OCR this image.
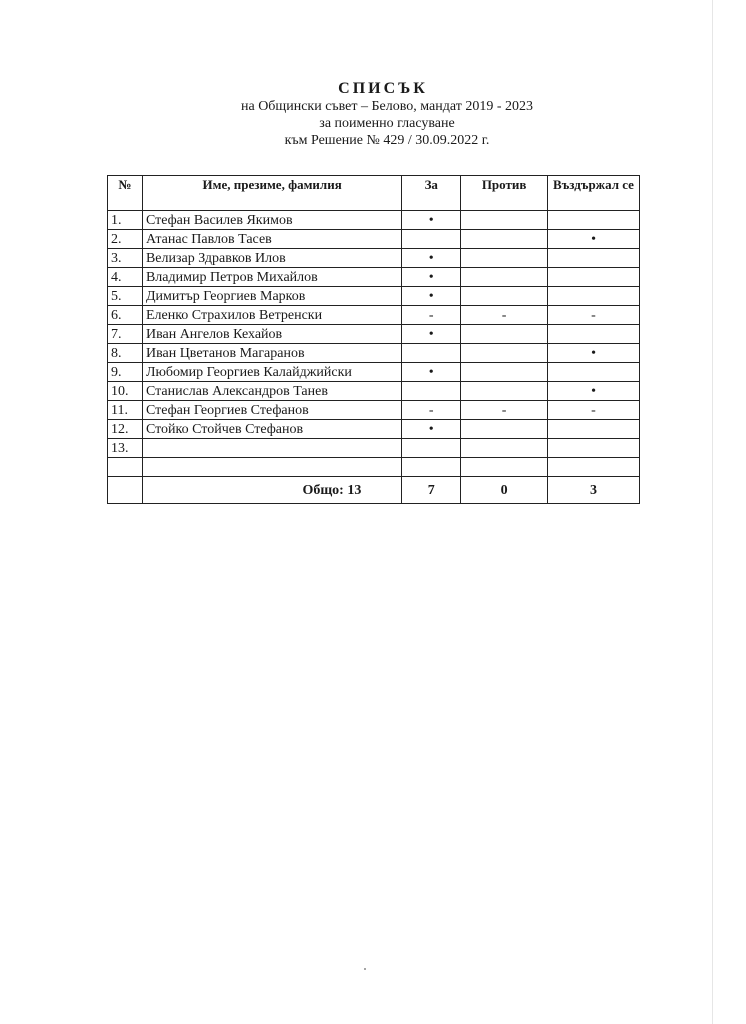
СПИСЪК
на Общински съвет – Белово, мандат 2019 - 2023
за поименно гласуване
към Решение № 429 / 30.09.2022 г.
№	Име, презиме, фамилия	За	Против	Въздържал се
1.	Стефан Василев Якимов	•		
2.	Атанас Павлов Тасев			•
3.	Велизар Здравков Илов	•		
4.	Владимир Петров Михайлов	•		
5.	Димитър Георгиев Марков	•		
6.	Еленко Страхилов Ветренски	-	-	-
7.	Иван Ангелов Кехайов	•		
8.	Иван Цветанов Магаранов			•
9.	Любомир Георгиев Калайджийски	•		
10.	Станислав Александров Танев			•
11.	Стефан Георгиев Стефанов	-	-	-
12.	Стойко Стойчев Стефанов	•		
13.				

	Общо: 13	7	0	3
